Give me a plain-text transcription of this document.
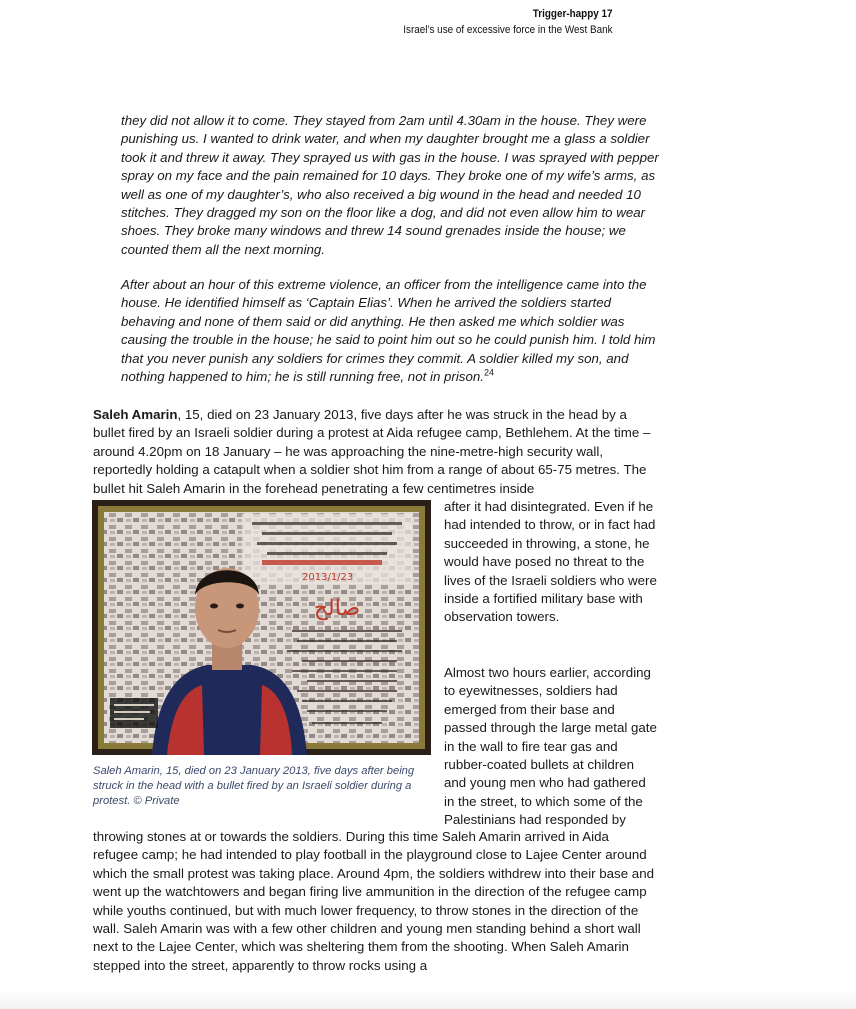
Trigger-happy 17
Israel’s use of excessive force in the West Bank
they did not allow it to come. They stayed from 2am until 4.30am in the house. They were punishing us. I wanted to drink water, and when my daughter brought me a glass a soldier took it and threw it away. They sprayed us with gas in the house. I was sprayed with pepper spray on my face and the pain remained for 10 days. They broke one of my wife’s arms, as well as one of my daughter’s, who also received a big wound in the head and needed 10 stitches. They dragged my son on the floor like a dog, and did not even allow him to wear shoes. They broke many windows and threw 14 sound grenades inside the house; we counted them all the next morning.
After about an hour of this extreme violence, an officer from the intelligence came into the house. He identified himself as ‘Captain Elias’. When he arrived the soldiers started behaving and none of them said or did anything. He then asked me which soldier was causing the trouble in the house; he said to point him out so he could punish him. I told him that you never punish any soldiers for crimes they commit. A soldier killed my son, and nothing happened to him; he is still running free, not in prison.$^{24}$
Saleh Amarin, 15, died on 23 January 2013, five days after he was struck in the head by a bullet fired by an Israeli soldier during a protest at Aida refugee camp, Bethlehem. At the time – around 4.20pm on 18 January – he was approaching the nine-metre-high security wall, reportedly holding a catapult when a soldier shot him from a range of about 65-75 metres. The bullet hit Saleh Amarin in the forehead penetrating a few centimetres inside
2013/1/23
صالح
Saleh Amarin, 15, died on 23 January 2013, five days after being struck in the head with a bullet fired by an Israeli soldier during a protest. © Private
after it had disintegrated. Even if he had intended to throw, or in fact had succeeded in throwing, a stone, he would have posed no threat to the lives of the Israeli soldiers who were inside a fortified military base with observation towers.
Almost two hours earlier, according to eyewitnesses, soldiers had emerged from their base and passed through the large metal gate in the wall to fire tear gas and rubber-coated bullets at children and young men who had gathered in the street, to which some of the Palestinians had responded by
throwing stones at or towards the soldiers. During this time Saleh Amarin arrived in Aida refugee camp; he had intended to play football in the playground close to Lajee Center around which the small protest was taking place. Around 4pm, the soldiers withdrew into their base and went up the watchtowers and began firing live ammunition in the direction of the refugee camp while youths continued, but with much lower frequency, to throw stones in the direction of the wall. Saleh Amarin was with a few other children and young men standing behind a short wall next to the Lajee Center, which was sheltering them from the shooting. When Saleh Amarin stepped into the street, apparently to throw rocks using a
